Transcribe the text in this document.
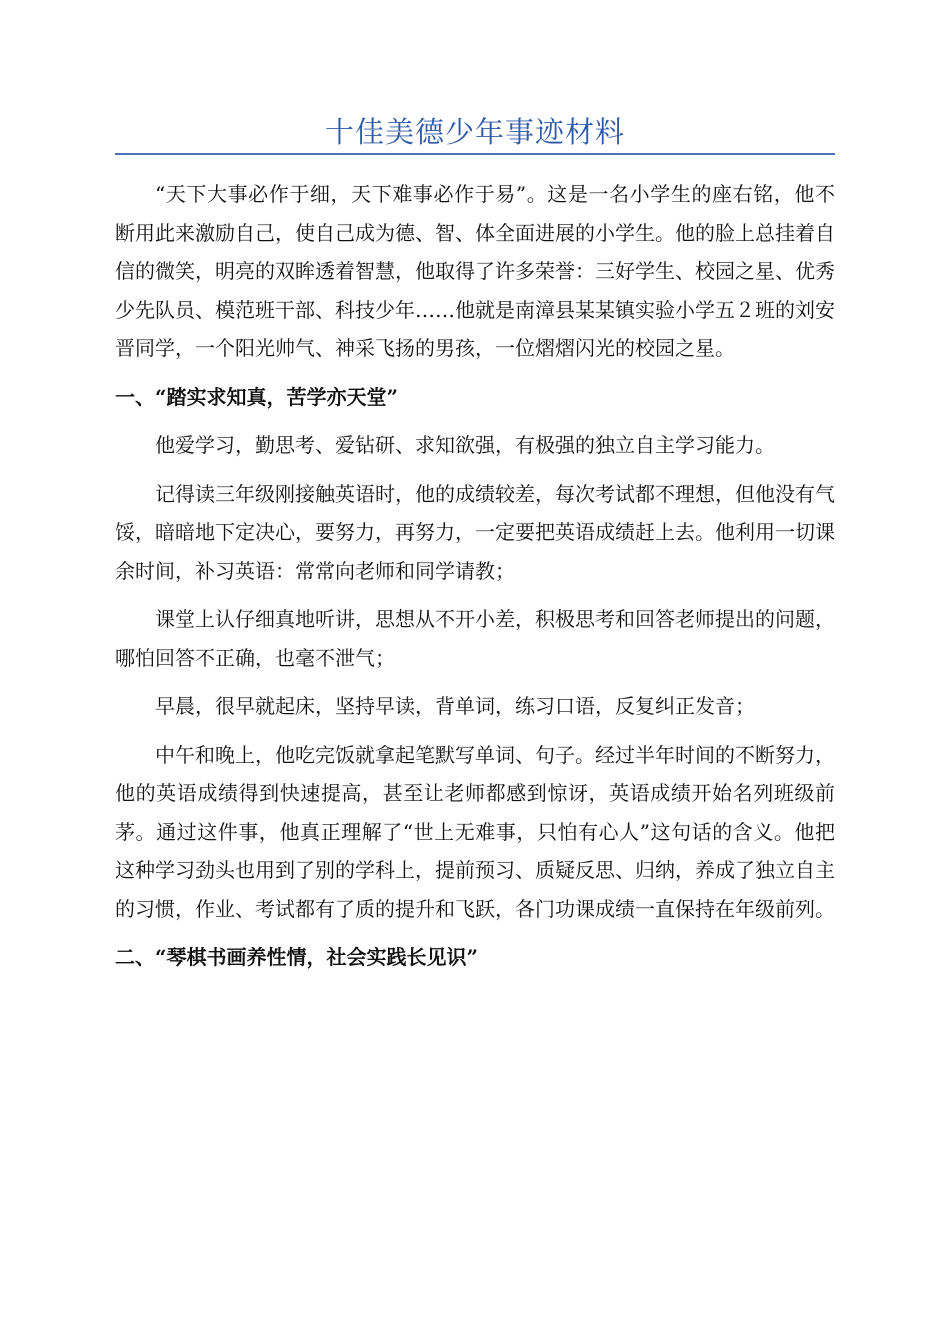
十佳美德少年事迹材料

“天下大事必作于细，天下难事必作于易”。这是一名小学生的座右铭，他不断用此来激励自己，使自己成为德、智、体全面进展的小学生。他的脸上总挂着自信的微笑，明亮的双眸透着智慧，他取得了许多荣誉：三好学生、校园之星、优秀少先队员、模范班干部、科技少年……他就是南漳县某某镇实验小学五２班的刘安晋同学，一个阳光帅气、神采飞扬的男孩，一位熠熠闪光的校园之星。

一、“踏实求知真，苦学亦天堂”

他爱学习，勤思考、爱钻研、求知欲强，有极强的独立自主学习能力。

记得读三年级刚接触英语时，他的成绩较差，每次考试都不理想，但他没有气馁，暗暗地下定决心，要努力，再努力，一定要把英语成绩赶上去。他利用一切课余时间，补习英语：常常向老师和同学请教；

课堂上认仔细真地听讲，思想从不开小差，积极思考和回答老师提出的问题，哪怕回答不正确，也毫不泄气；

早晨，很早就起床，坚持早读，背单词，练习口语，反复纠正发音；

中午和晚上，他吃完饭就拿起笔默写单词、句子。经过半年时间的不断努力，他的英语成绩得到快速提高，甚至让老师都感到惊讶，英语成绩开始名列班级前茅。通过这件事，他真正理解了“世上无难事，只怕有心人”这句话的含义。他把这种学习劲头也用到了别的学科上，提前预习、质疑反思、归纳，养成了独立自主的习惯，作业、考试都有了质的提升和飞跃，各门功课成绩一直保持在年级前列。

二、“琴棋书画养性情，社会实践长见识”
